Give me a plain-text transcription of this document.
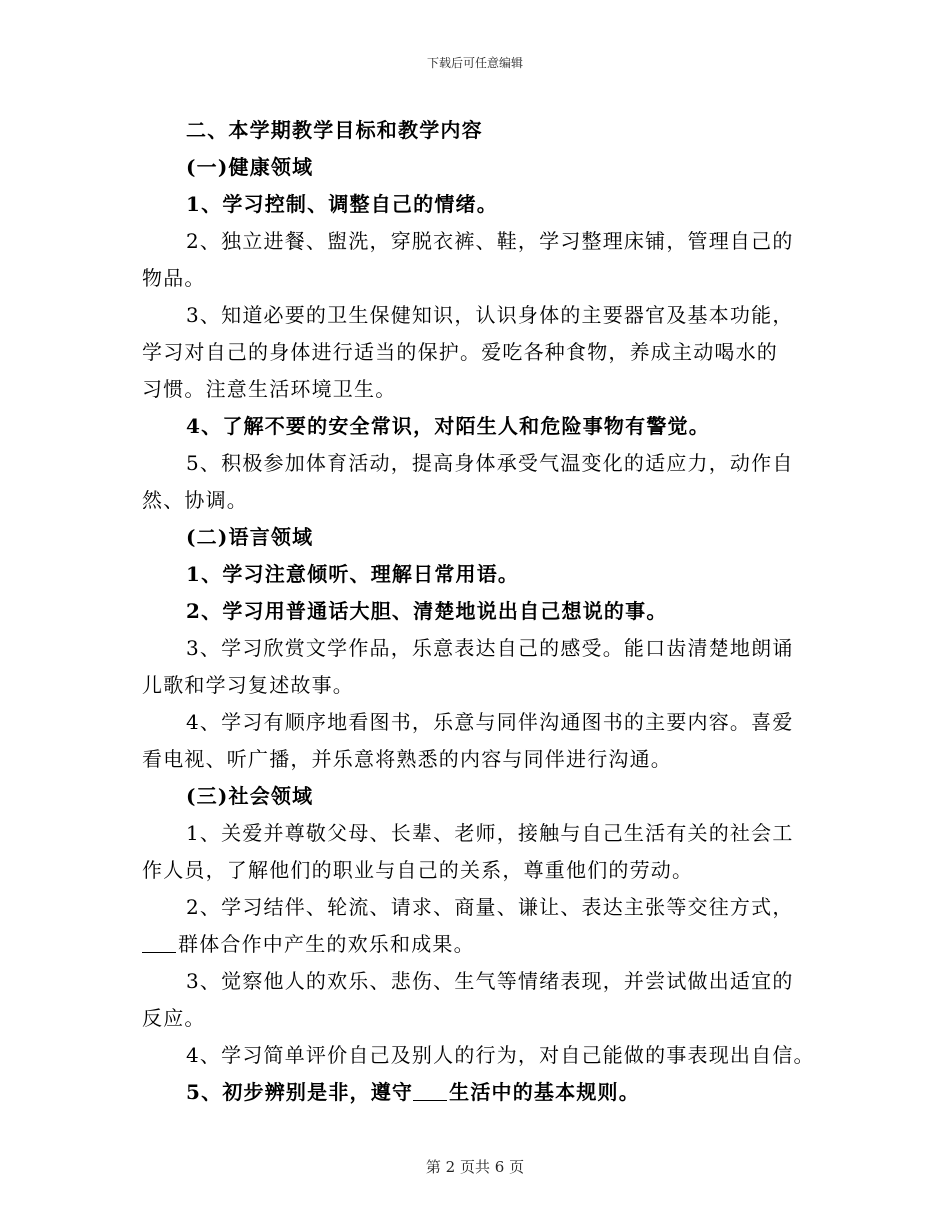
下载后可任意编辑
二、本学期教学目标和教学内容
(一)健康领域
1、学习控制、调整自己的情绪。
2、独立进餐、盥洗，穿脱衣裤、鞋，学习整理床铺，管理自己的
物品。
3、知道必要的卫生保健知识，认识身体的主要器官及基本功能，
学习对自己的身体进行适当的保护。爱吃各种食物，养成主动喝水的
习惯。注意生活环境卫生。
4、了解不要的安全常识，对陌生人和危险事物有警觉。
5、积极参加体育活动，提高身体承受气温变化的适应力，动作自
然、协调。
(二)语言领域
1、学习注意倾听、理解日常用语。
2、学习用普通话大胆、清楚地说出自己想说的事。
3、学习欣赏文学作品，乐意表达自己的感受。能口齿清楚地朗诵
儿歌和学习复述故事。
4、学习有顺序地看图书，乐意与同伴沟通图书的主要内容。喜爱
看电视、听广播，并乐意将熟悉的内容与同伴进行沟通。
(三)社会领域
1、关爱并尊敬父母、长辈、老师，接触与自己生活有关的社会工
作人员，了解他们的职业与自己的关系，尊重他们的劳动。
2、学习结伴、轮流、请求、商量、谦让、表达主张等交往方式，
群体合作中产生的欢乐和成果。
3、觉察他人的欢乐、悲伤、生气等情绪表现，并尝试做出适宜的
反应。
4、学习简单评价自己及别人的行为，对自己能做的事表现出自信。
5、初步辨别是非，遵守 生活中的基本规则。
第 2 页共 6 页
